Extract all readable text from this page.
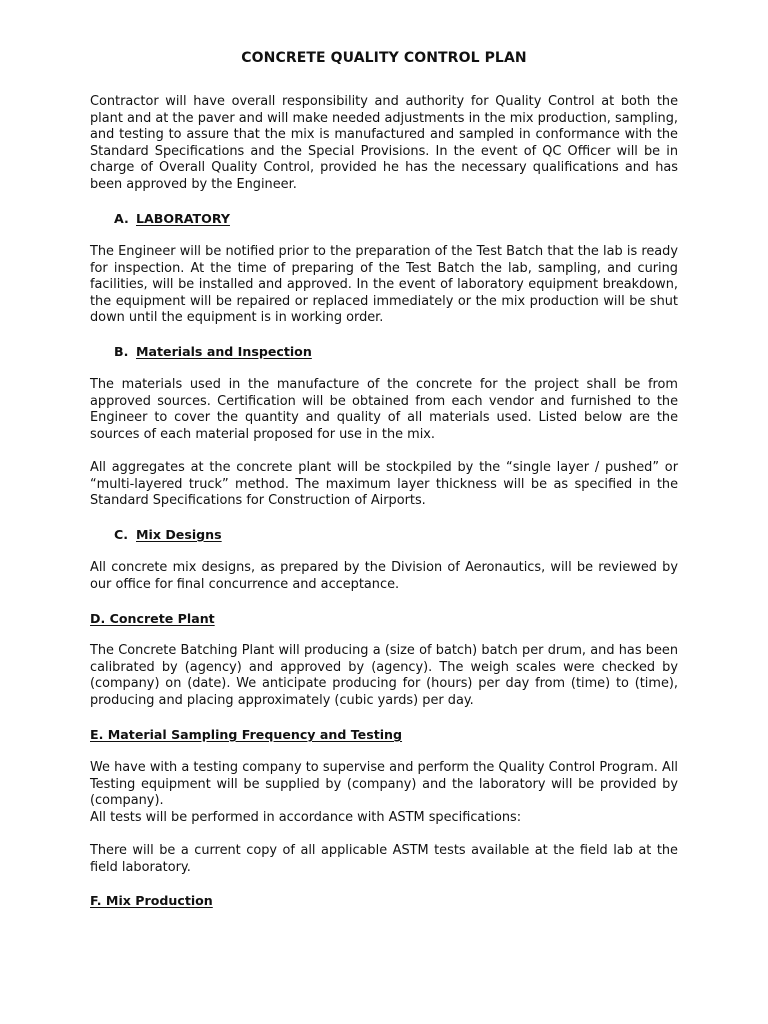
CONCRETE QUALITY CONTROL PLAN

Contractor will have overall responsibility and authority for Quality Control at both the plant and at the paver and will make needed adjustments in the mix production, sampling, and testing to assure that the mix is manufactured and sampled in conformance with the Standard Specifications and the Special Provisions. In the event of QC Officer will be in charge of Overall Quality Control, provided he has the necessary qualifications and has been approved by the Engineer.

A. LABORATORY

The Engineer will be notified prior to the preparation of the Test Batch that the lab is ready for inspection. At the time of preparing of the Test Batch the lab, sampling, and curing facilities, will be installed and approved. In the event of laboratory equipment breakdown, the equipment will be repaired or replaced immediately or the mix production will be shut down until the equipment is in working order.

B. Materials and Inspection

The materials used in the manufacture of the concrete for the project shall be from approved sources. Certification will be obtained from each vendor and furnished to the Engineer to cover the quantity and quality of all materials used. Listed below are the sources of each material proposed for use in the mix.

All aggregates at the concrete plant will be stockpiled by the “single layer / pushed” or “multi-layered truck” method. The maximum layer thickness will be as specified in the Standard Specifications for Construction of Airports.

C. Mix Designs

All concrete mix designs, as prepared by the Division of Aeronautics, will be reviewed by our office for final concurrence and acceptance.

D. Concrete Plant

The Concrete Batching Plant will producing a (size of batch) batch per drum, and has been calibrated by (agency) and approved by (agency). The weigh scales were checked by (company) on (date). We anticipate producing for (hours) per day from (time) to (time), producing and placing approximately (cubic yards) per day.

E. Material Sampling Frequency and Testing

We have with a testing company to supervise and perform the Quality Control Program. All Testing equipment will be supplied by (company) and the laboratory will be provided by (company).

All tests will be performed in accordance with ASTM specifications:

There will be a current copy of all applicable ASTM tests available at the field lab at the field laboratory.

F. Mix Production
